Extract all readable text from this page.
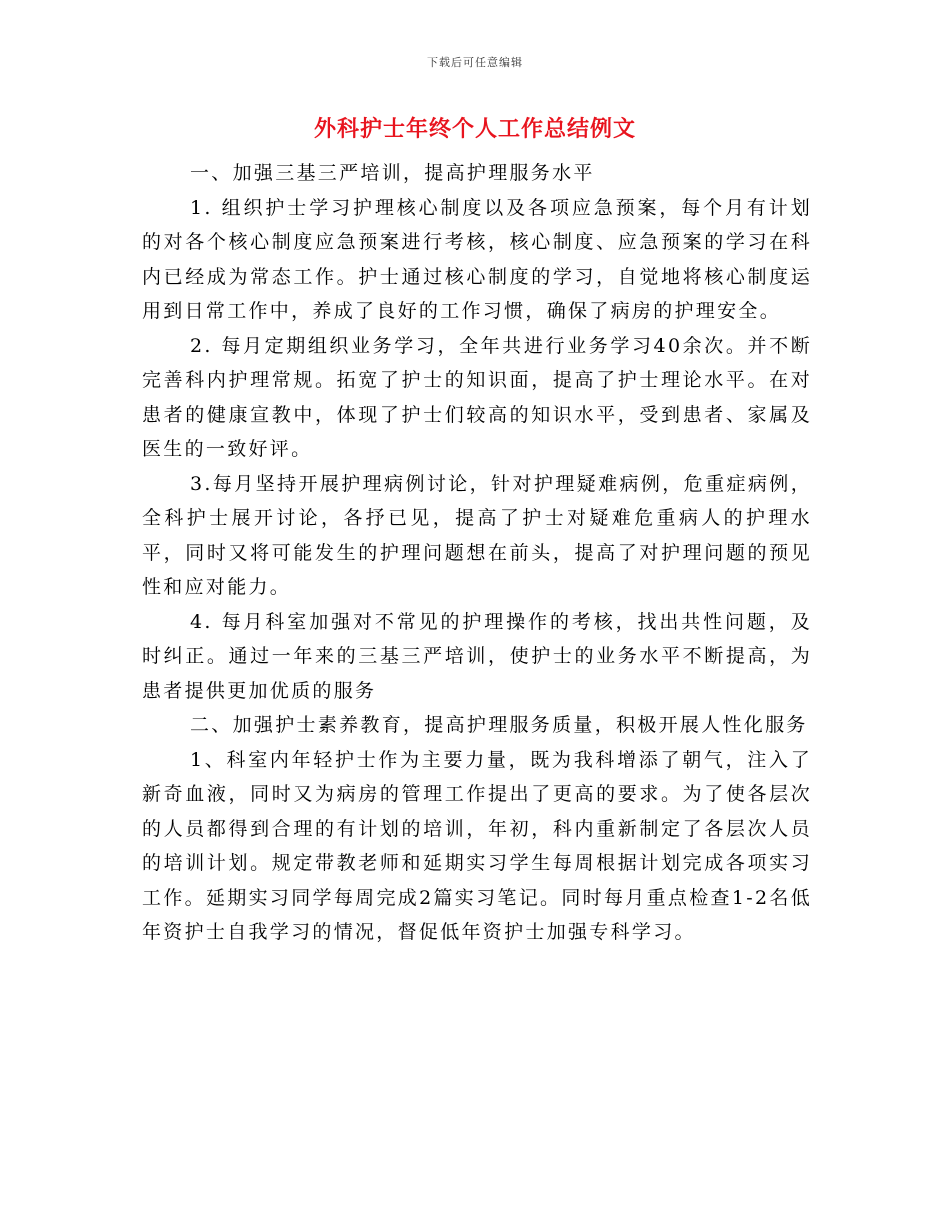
下载后可任意编辑
外科护士年终个人工作总结例文

一、加强三基三严培训，提高护理服务水平

1. 组织护士学习护理核心制度以及各项应急预案，每个月有计划的对各个核心制度应急预案进行考核，核心制度、应急预案的学习在科内已经成为常态工作。护士通过核心制度的学习，自觉地将核心制度运用到日常工作中，养成了良好的工作习惯，确保了病房的护理安全。

2. 每月定期组织业务学习，全年共进行业务学习40余次。并不断完善科内护理常规。拓宽了护士的知识面，提高了护士理论水平。在对患者的健康宣教中，体现了护士们较高的知识水平，受到患者、家属及医生的一致好评。

3.每月坚持开展护理病例讨论，针对护理疑难病例，危重症病例，全科护士展开讨论，各抒已见，提高了护士对疑难危重病人的护理水平，同时又将可能发生的护理问题想在前头，提高了对护理问题的预见性和应对能力。

4. 每月科室加强对不常见的护理操作的考核，找出共性问题，及时纠正。通过一年来的三基三严培训，使护士的业务水平不断提高，为患者提供更加优质的服务

二、加强护士素养教育，提高护理服务质量，积极开展人性化服务

1、科室内年轻护士作为主要力量，既为我科增添了朝气，注入了新奇血液，同时又为病房的管理工作提出了更高的要求。为了使各层次的人员都得到合理的有计划的培训，年初，科内重新制定了各层次人员的培训计划。规定带教老师和延期实习学生每周根据计划完成各项实习工作。延期实习同学每周完成2篇实习笔记。同时每月重点检查1-2名低年资护士自我学习的情况，督促低年资护士加强专科学习。
